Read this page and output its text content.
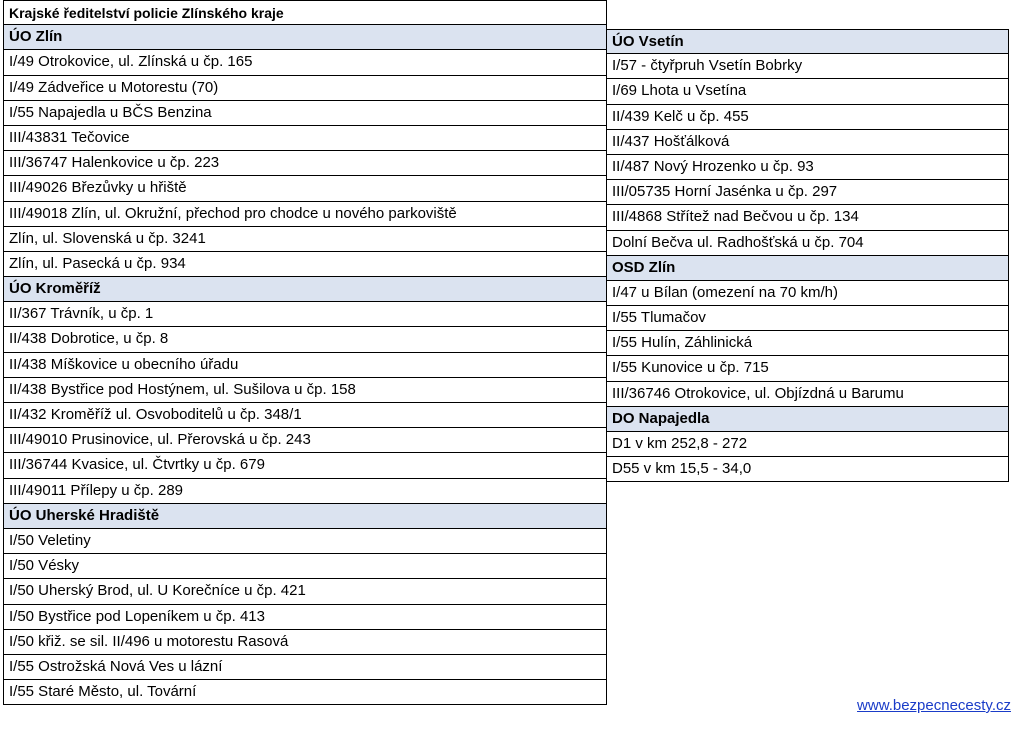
Krajské ředitelství policie Zlínského kraje
ÚO Zlín
I/49 Otrokovice, ul. Zlínská u čp. 165
I/49 Zádveřice u Motorestu (70)
I/55 Napajedla u BČS Benzina
III/43831 Tečovice
III/36747 Halenkovice u čp. 223
III/49026 Březůvky u hřiště
III/49018 Zlín, ul. Okružní, přechod pro chodce u nového parkoviště
Zlín, ul. Slovenská u čp. 3241
Zlín, ul. Pasecká u čp. 934
ÚO Kroměříž
II/367 Trávník, u čp. 1
II/438 Dobrotice, u čp. 8
II/438 Míškovice u obecního úřadu
II/438 Bystřice pod Hostýnem, ul. Sušilova u čp. 158
II/432 Kroměříž ul. Osvoboditelů u čp. 348/1
III/49010 Prusinovice, ul. Přerovská u čp. 243
III/36744 Kvasice, ul. Čtvrtky u čp. 679
III/49011 Přílepy u čp. 289
ÚO Uherské Hradiště
I/50 Veletiny
I/50 Vésky
I/50 Uherský Brod, ul. U Korečníce u čp. 421
I/50 Bystřice pod Lopeníkem u čp. 413
I/50 křiž. se sil. II/496 u motorestu Rasová
I/55 Ostrožská Nová Ves u lázní
I/55 Staré Město, ul. Tovární
ÚO Vsetín
I/57 - čtyřpruh Vsetín Bobrky
I/69 Lhota u Vsetína
II/439 Kelč u čp. 455
II/437 Hošťálková
II/487 Nový Hrozenko u čp. 93
III/05735 Horní Jasénka u čp. 297
III/4868 Střítež nad Bečvou u čp. 134
Dolní Bečva ul. Radhošťská u čp. 704
OSD Zlín
I/47 u Bílan (omezení na 70 km/h)
I/55 Tlumačov
I/55 Hulín, Záhlinická
I/55 Kunovice u čp. 715
III/36746 Otrokovice, ul. Objízdná u Barumu
DO Napajedla
D1 v km 252,8 - 272
D55 v km 15,5 - 34,0
www.bezpecnecesty.cz
